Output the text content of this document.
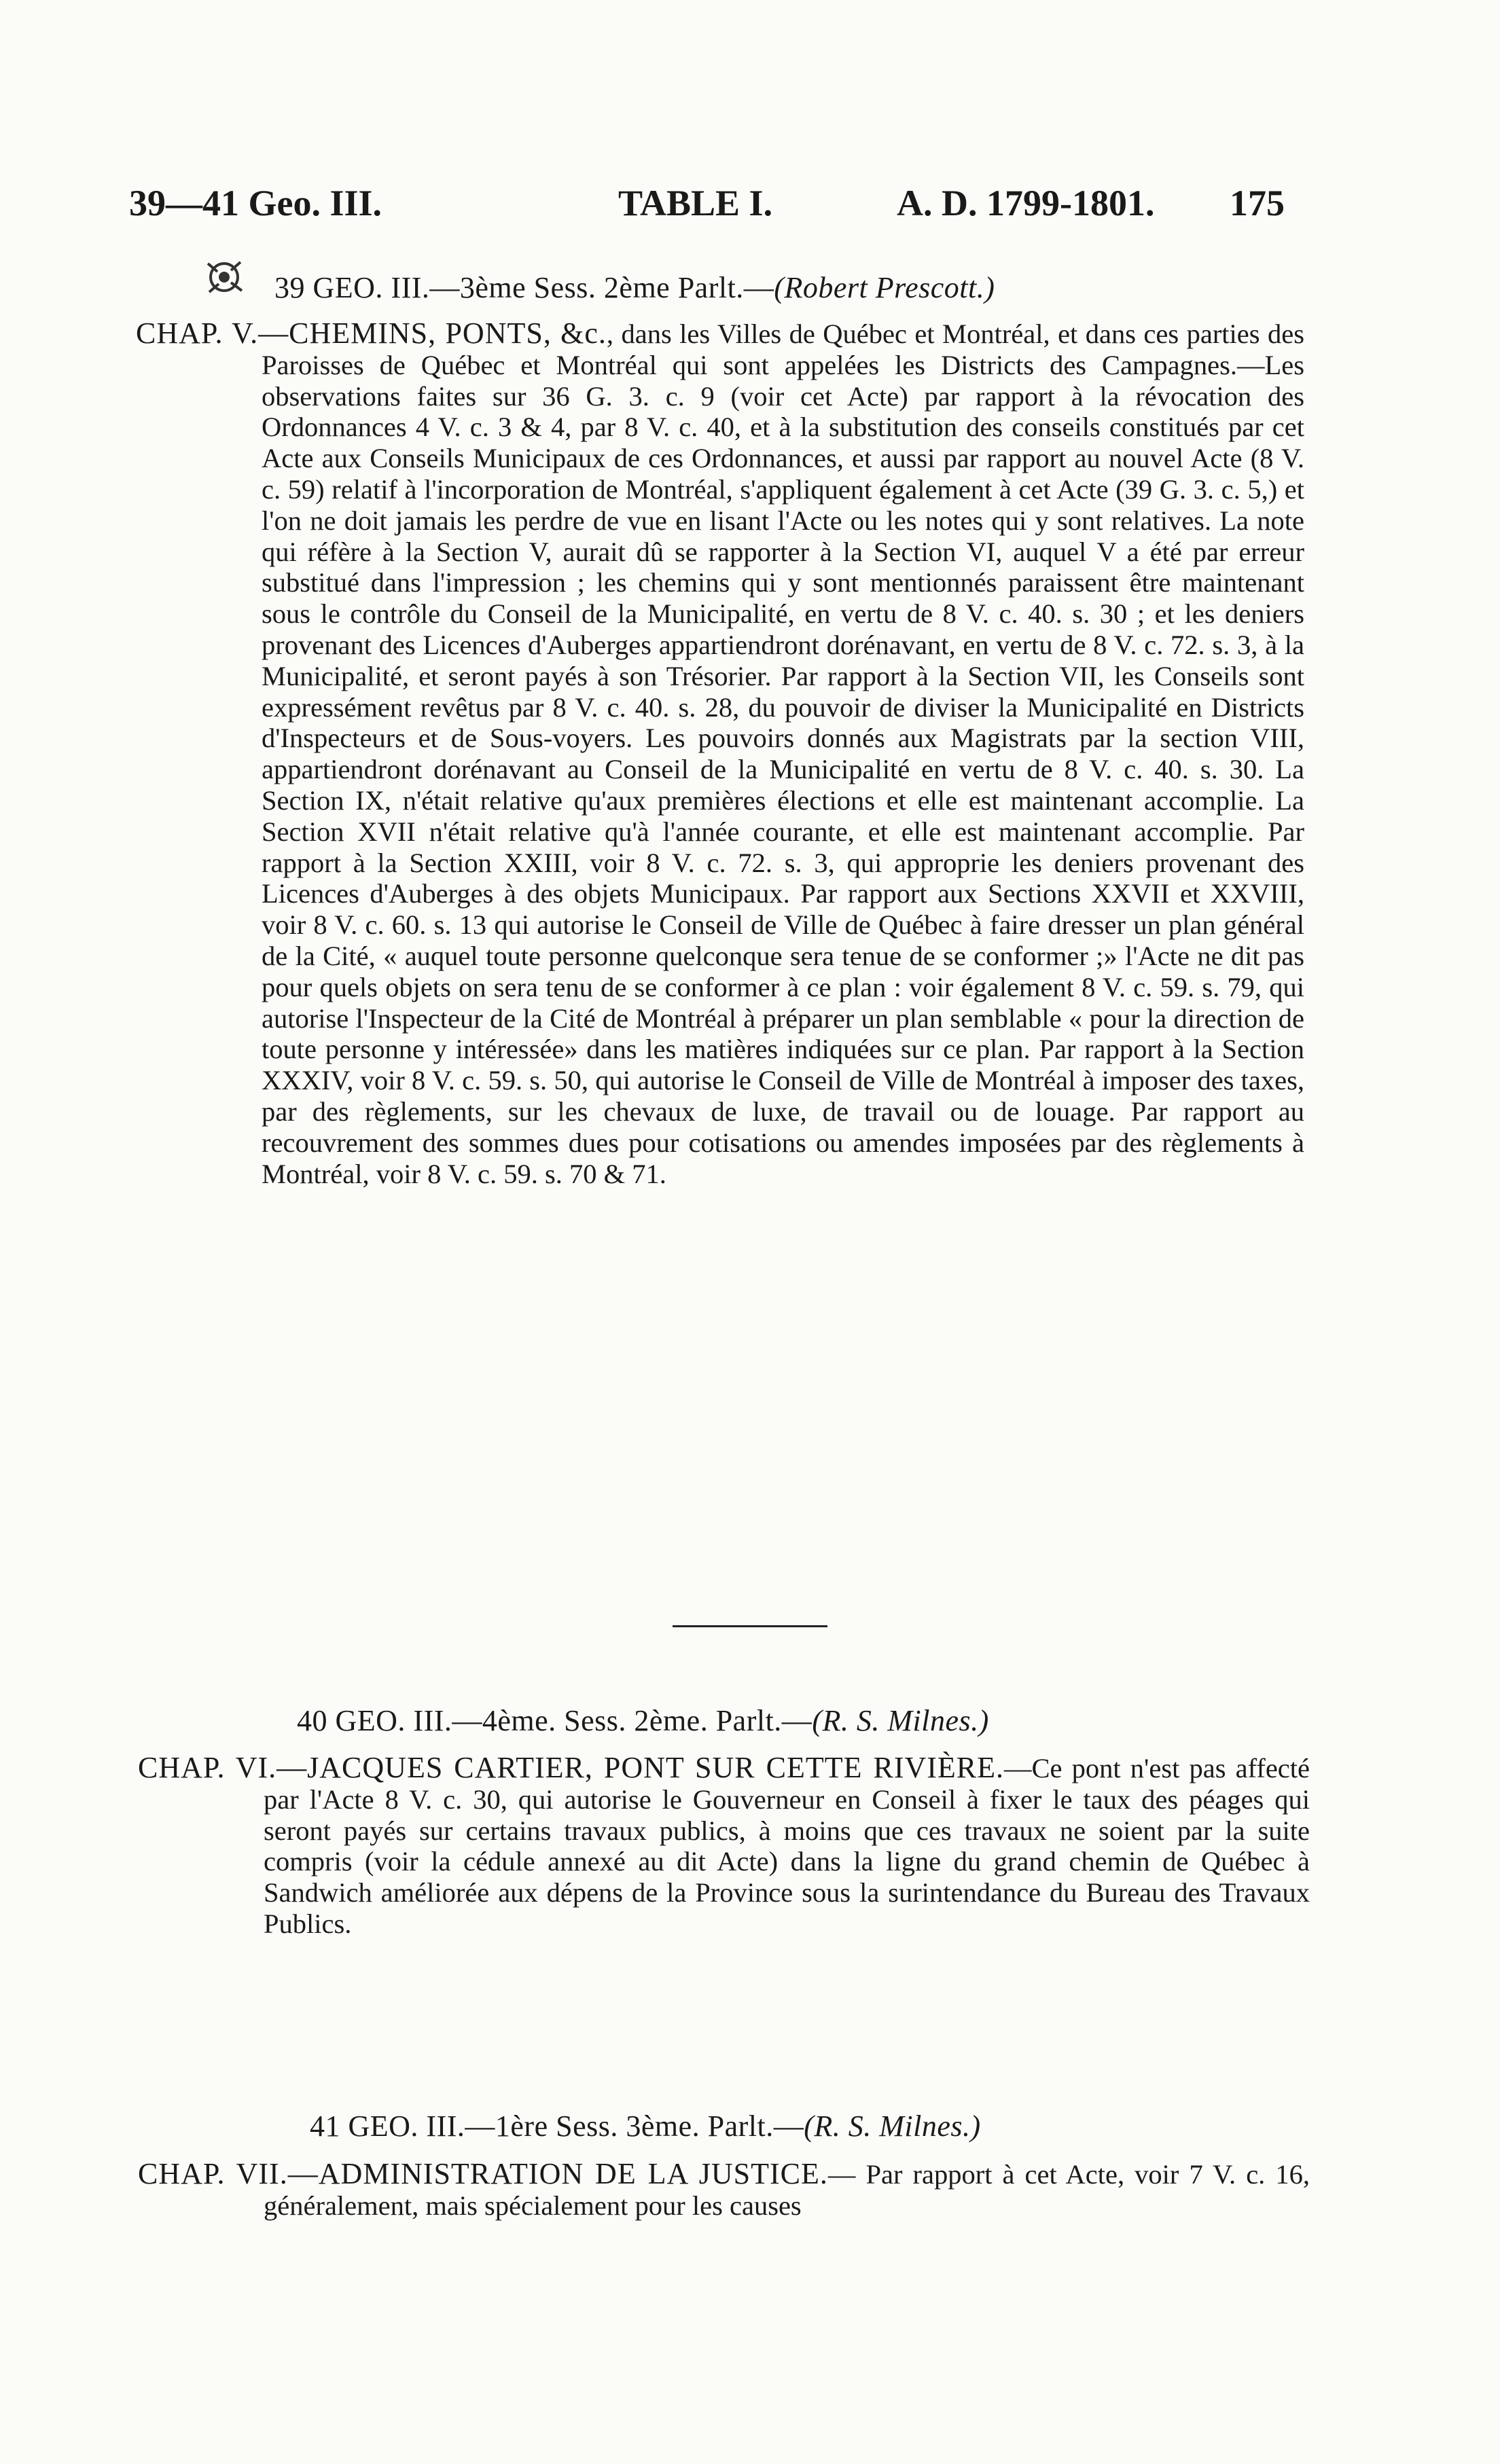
39—41 Geo. III.	TABLE I.	A. D. 1799-1801. 175
39 GEO. III.—3ème Sess. 2ème Parlt.—(Robert Prescott.)
CHAP. V.—CHEMINS, PONTS, &c., dans les Villes de Québec et Montréal, et dans ces parties des Paroisses de Québec et Montréal qui sont appelées les Districts des Campagnes.—Les observations faites sur 36 G. 3. c. 9 (voir cet Acte) par rapport à la révocation des Ordonnances 4 V. c. 3 & 4, par 8 V. c. 40, et à la substitution des conseils constitués par cet Acte aux Conseils Municipaux de ces Ordonnances, et aussi par rapport au nouvel Acte (8 V. c. 59) relatif à l'incorporation de Montréal, s'appliquent également à cet Acte (39 G. 3. c. 5,) et l'on ne doit jamais les perdre de vue en lisant l'Acte ou les notes qui y sont relatives. La note qui réfère à la Section V, aurait dû se rapporter à la Section VI, auquel V a été par erreur substitué dans l'impression ; les chemins qui y sont mentionnés paraissent être maintenant sous le contrôle du Conseil de la Municipalité, en vertu de 8 V. c. 40. s. 30 ; et les deniers provenant des Licences d'Auberges appartiendront dorénavant, en vertu de 8 V. c. 72. s. 3, à la Municipalité, et seront payés à son Trésorier. Par rapport à la Section VII, les Conseils sont expressément revêtus par 8 V. c. 40. s. 28, du pouvoir de diviser la Municipalité en Districts d'Inspecteurs et de Sous-voyers. Les pouvoirs donnés aux Magistrats par la section VIII, appartiendront dorénavant au Conseil de la Municipalité en vertu de 8 V. c. 40. s. 30. La Section IX, n'était relative qu'aux premières élections et elle est maintenant accomplie. La Section XVII n'était relative qu'à l'année courante, et elle est maintenant accomplie. Par rapport à la Section XXIII, voir 8 V. c. 72. s. 3, qui approprie les deniers provenant des Licences d'Auberges à des objets Municipaux. Par rapport aux Sections XXVII et XXVIII, voir 8 V. c. 60. s. 13 qui autorise le Conseil de Ville de Québec à faire dresser un plan général de la Cité, « auquel toute personne quelconque sera tenue de se conformer ;» l'Acte ne dit pas pour quels objets on sera tenu de se conformer à ce plan : voir également 8 V. c. 59. s. 79, qui autorise l'Inspecteur de la Cité de Montréal à préparer un plan semblable « pour la direction de toute personne y intéressée» dans les matières indiquées sur ce plan. Par rapport à la Section XXXIV, voir 8 V. c. 59. s. 50, qui autorise le Conseil de Ville de Montréal à imposer des taxes, par des règlements, sur les chevaux de luxe, de travail ou de louage. Par rapport au recouvrement des sommes dues pour cotisations ou amendes imposées par des règlements à Montréal, voir 8 V. c. 59. s. 70 & 71.
40 GEO. III.—4ème. Sess. 2ème. Parlt.—(R. S. Milnes.)
CHAP. VI.—JACQUES CARTIER, PONT SUR CETTE RIVIÈRE.—Ce pont n'est pas affecté par l'Acte 8 V. c. 30, qui autorise le Gouverneur en Conseil à fixer le taux des péages qui seront payés sur certains travaux publics, à moins que ces travaux ne soient par la suite compris (voir la cédule annexé au dit Acte) dans la ligne du grand chemin de Québec à Sandwich améliorée aux dépens de la Province sous la surintendance du Bureau des Travaux Publics.
41 GEO. III.—1ère Sess. 3ème. Parlt.—(R. S. Milnes.)
CHAP. VII.—ADMINISTRATION DE LA JUSTICE.— Par rapport à cet Acte, voir 7 V. c. 16, généralement, mais spécialement pour les causes
